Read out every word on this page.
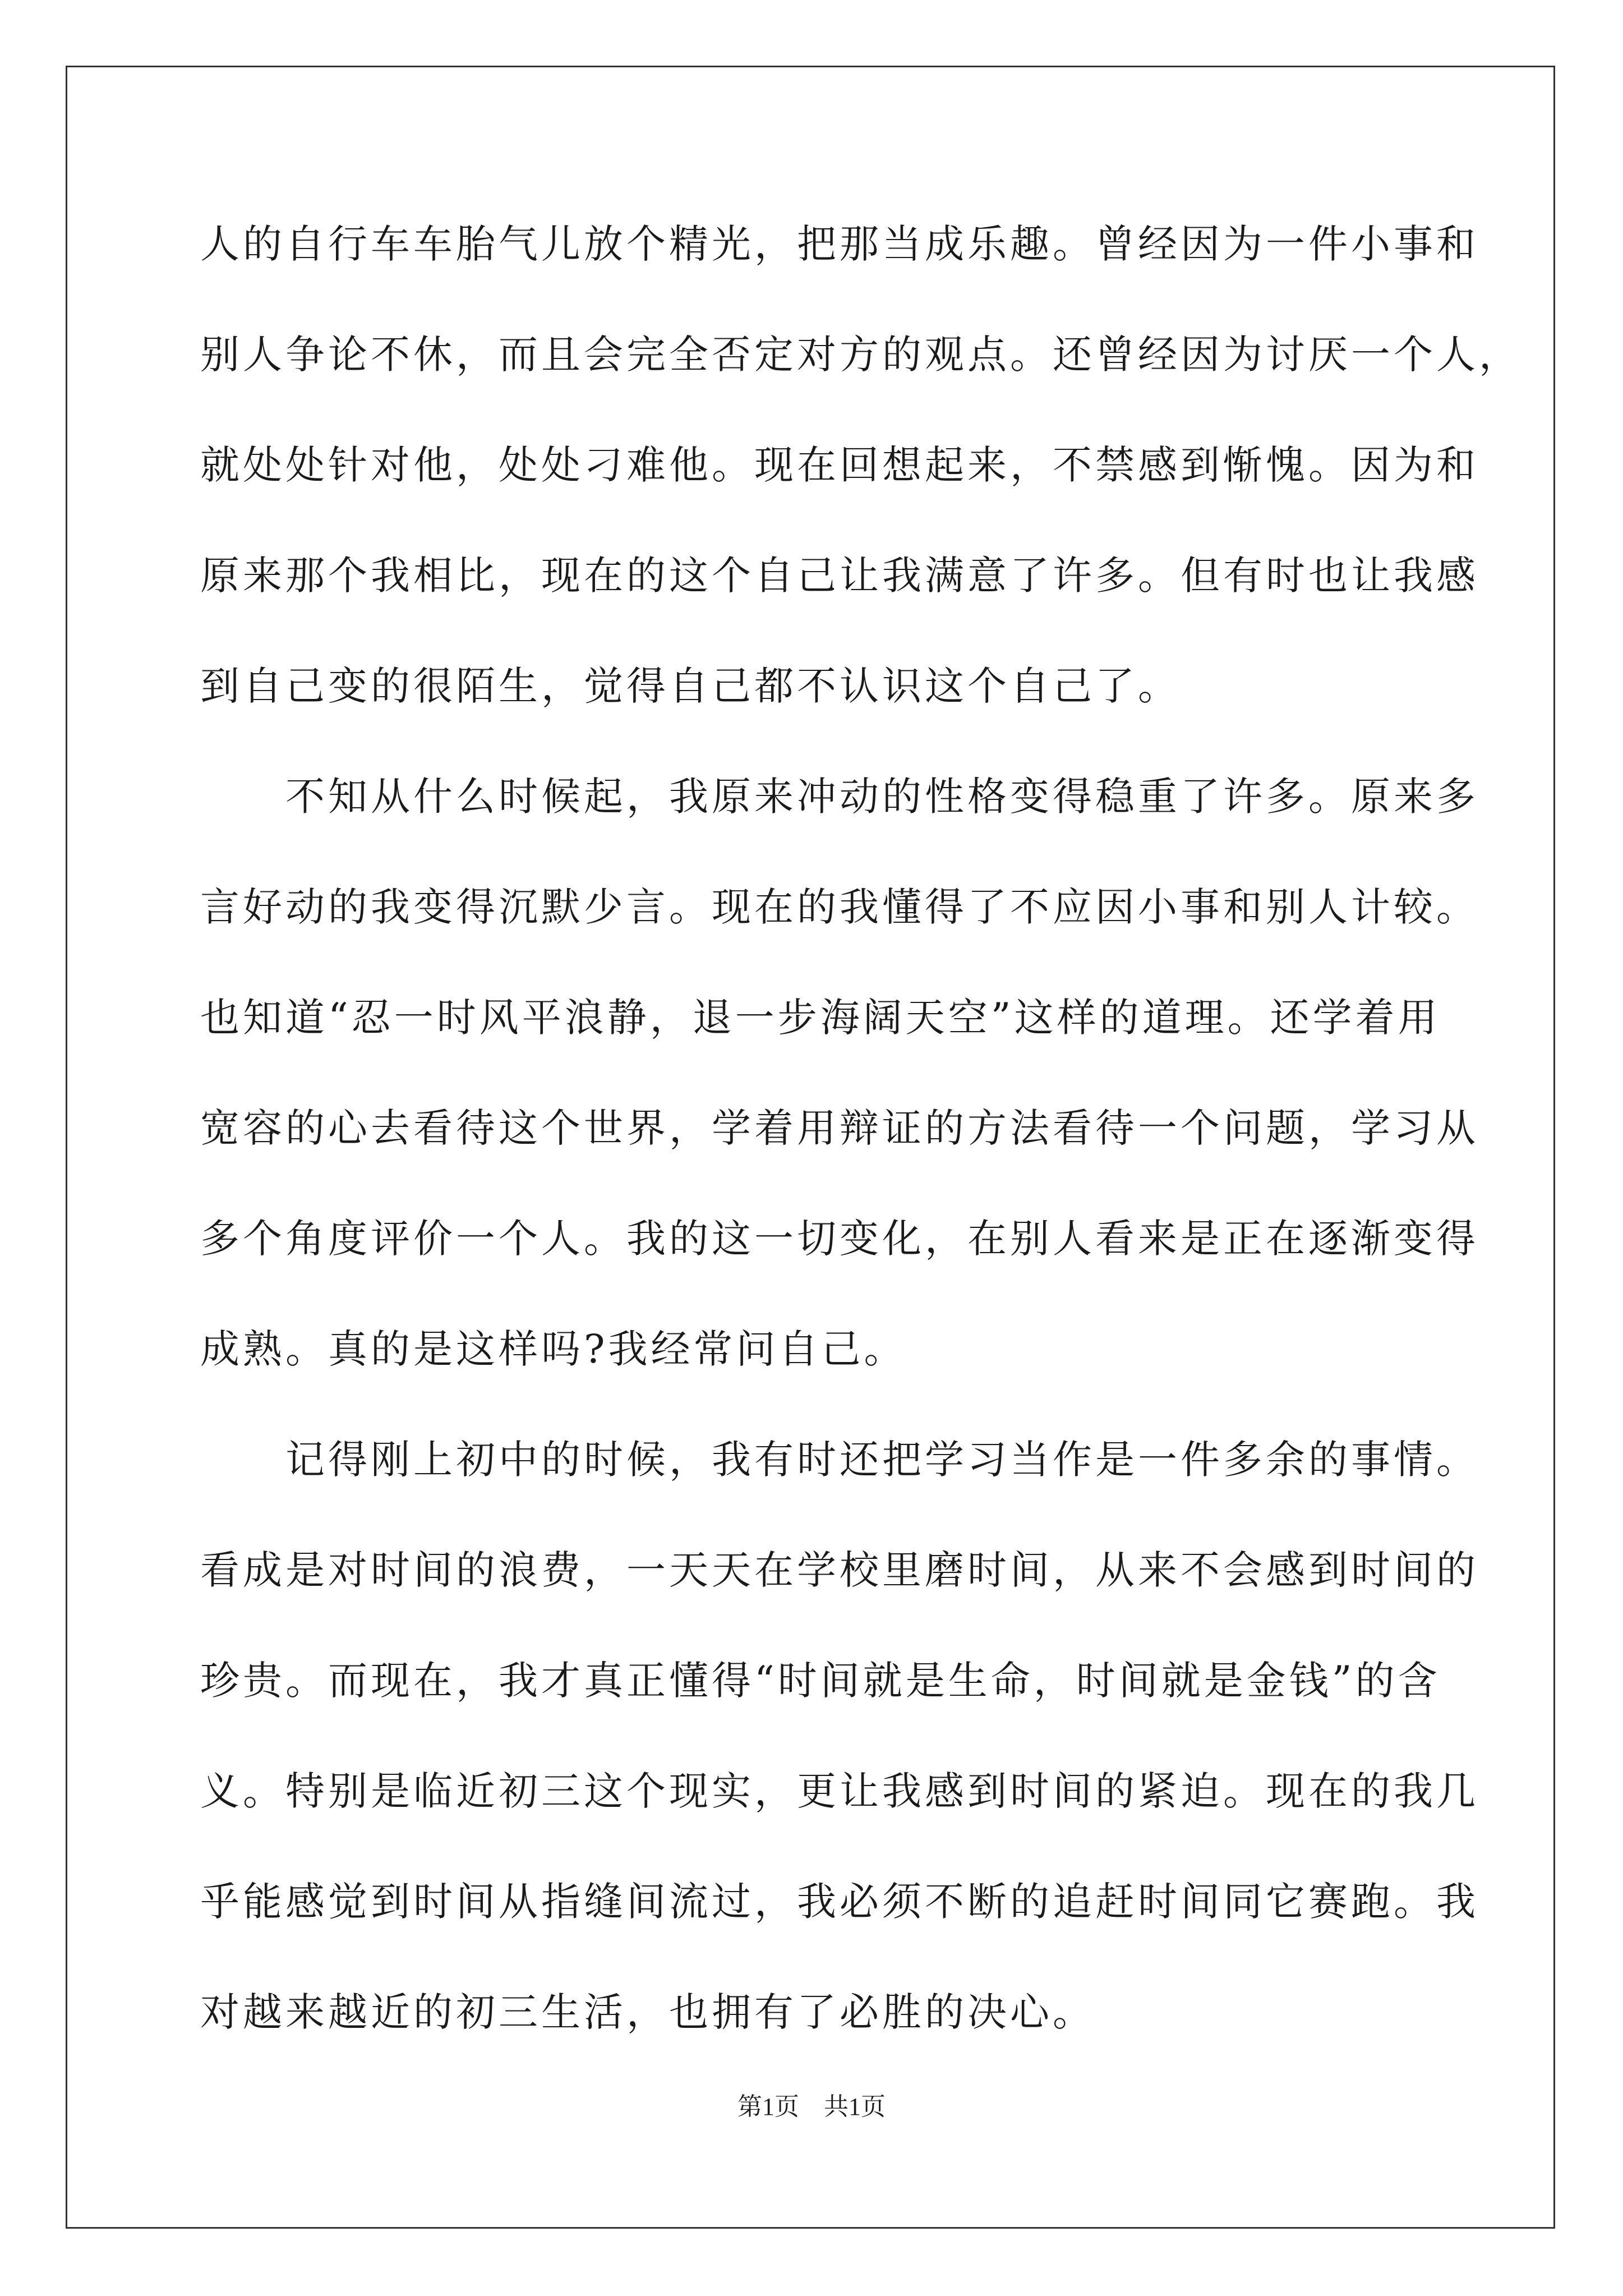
人的自行车车胎气儿放个精光，把那当成乐趣。曾经因为一件小事和
别人争论不休，而且会完全否定对方的观点。还曾经因为讨厌一个人，
就处处针对他，处处刁难他。现在回想起来，不禁感到惭愧。因为和
原来那个我相比，现在的这个自己让我满意了许多。但有时也让我感
到自己变的很陌生，觉得自己都不认识这个自己了。
　　不知从什么时候起，我原来冲动的性格变得稳重了许多。原来多
言好动的我变得沉默少言。现在的我懂得了不应因小事和别人计较。
也知道“忍一时风平浪静，退一步海阔天空”这样的道理。还学着用
宽容的心去看待这个世界，学着用辩证的方法看待一个问题，学习从
多个角度评价一个人。我的这一切变化，在别人看来是正在逐渐变得
成熟。真的是这样吗?我经常问自己。
　　记得刚上初中的时候，我有时还把学习当作是一件多余的事情。
看成是对时间的浪费，一天天在学校里磨时间，从来不会感到时间的
珍贵。而现在，我才真正懂得“时间就是生命，时间就是金钱”的含
义。特别是临近初三这个现实，更让我感到时间的紧迫。现在的我几
乎能感觉到时间从指缝间流过，我必须不断的追赶时间同它赛跑。我
对越来越近的初三生活，也拥有了必胜的决心。
第1页　共1页
